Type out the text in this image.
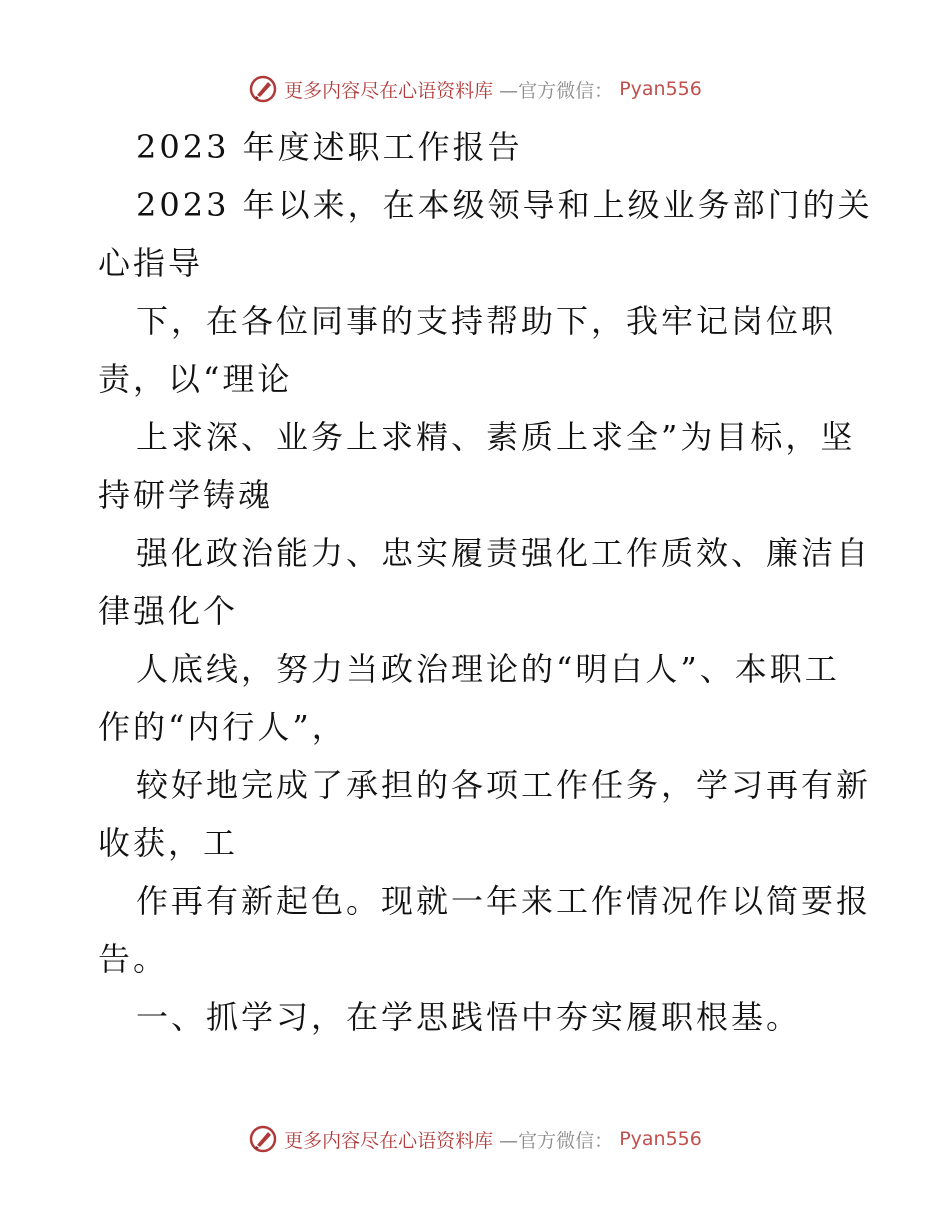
更多内容尽在心语资料库 —官方微信： Pyan556
2023 年度述职工作报告
2023 年以来，在本级领导和上级业务部门的关
心指导
下，在各位同事的支持帮助下，我牢记岗位职
责，以“理论
上求深、业务上求精、素质上求全”为目标，坚
持研学铸魂
强化政治能力、忠实履责强化工作质效、廉洁自
律强化个
人底线，努力当政治理论的“明白人”、本职工
作的“内行人”，
较好地完成了承担的各项工作任务，学习再有新
收获，工
作再有新起色。现就一年来工作情况作以简要报
告。
一、抓学习，在学思践悟中夯实履职根基。
更多内容尽在心语资料库 —官方微信： Pyan556
